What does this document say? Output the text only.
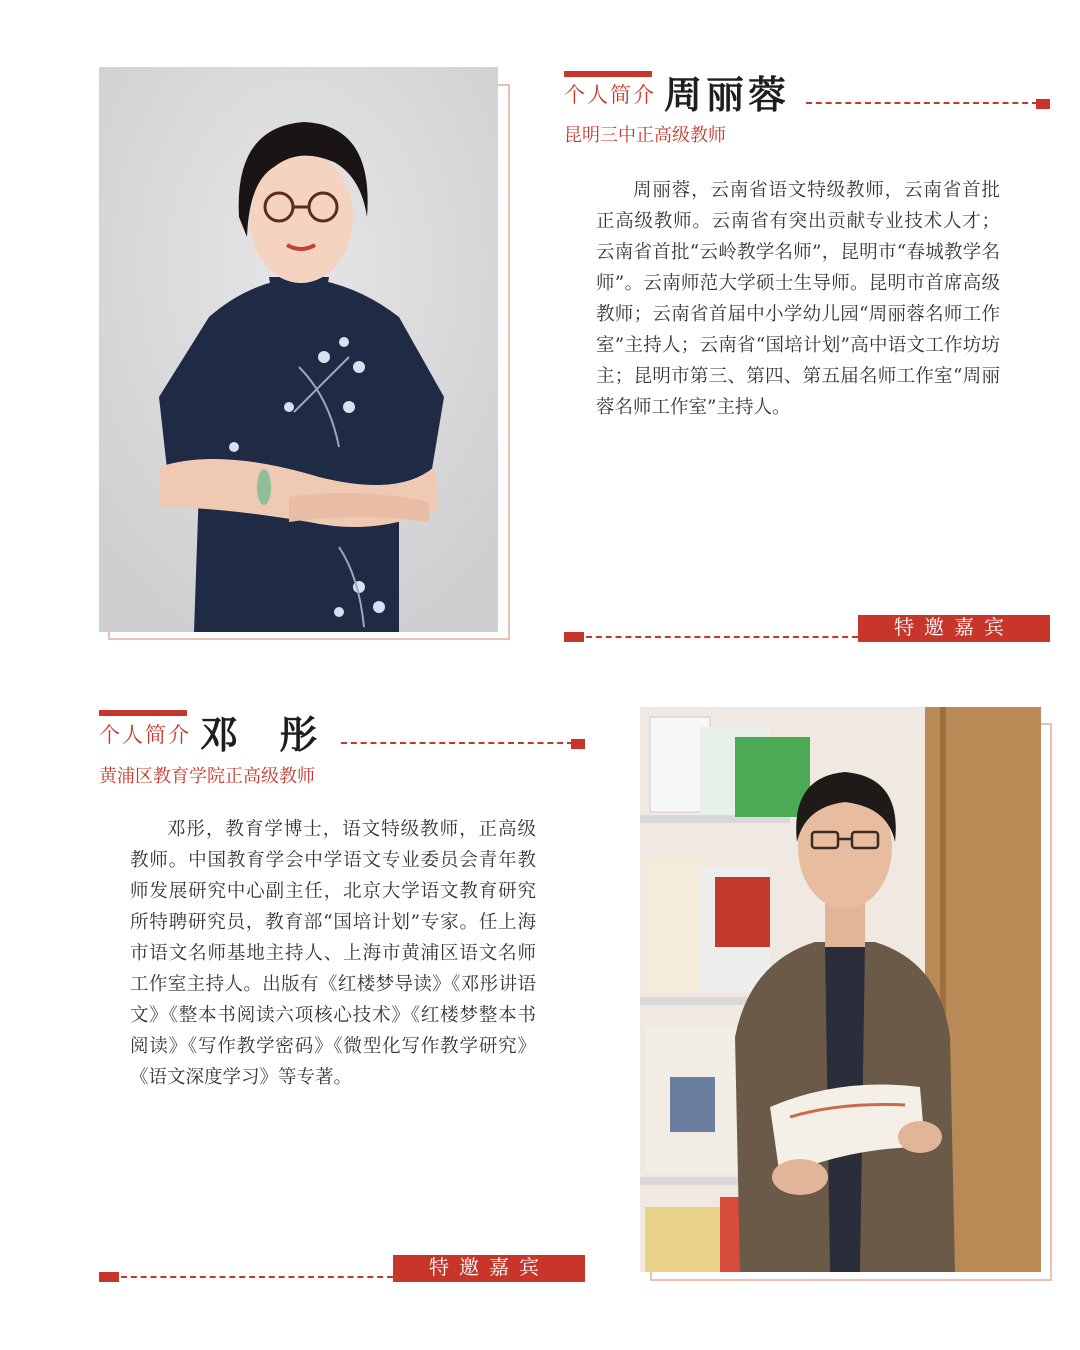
个人简介 周丽蓉
昆明三中正高级教师
周丽蓉，云南省语文特级教师，云南省首批正高级教师。云南省有突出贡献专业技术人才；云南省首批“云岭教学名师”，昆明市“春城教学名师”。云南师范大学硕士生导师。昆明市首席高级教师；云南省首届中小学幼儿园“周丽蓉名师工作室”主持人；云南省“国培计划”高中语文工作坊坊主；昆明市第三、第四、第五届名师工作室“周丽蓉名师工作室”主持人。
特邀嘉宾
个人简介 邓 彤
黄浦区教育学院正高级教师
邓彤，教育学博士，语文特级教师，正高级教师。中国教育学会中学语文专业委员会青年教师发展研究中心副主任，北京大学语文教育研究所特聘研究员，教育部“国培计划”专家。任上海市语文名师基地主持人、上海市黄浦区语文名师工作室主持人。出版有《红楼梦导读》《邓彤讲语文》《整本书阅读六项核心技术》《红楼梦整本书阅读》《写作教学密码》《微型化写作教学研究》《语文深度学习》等专著。
特邀嘉宾
